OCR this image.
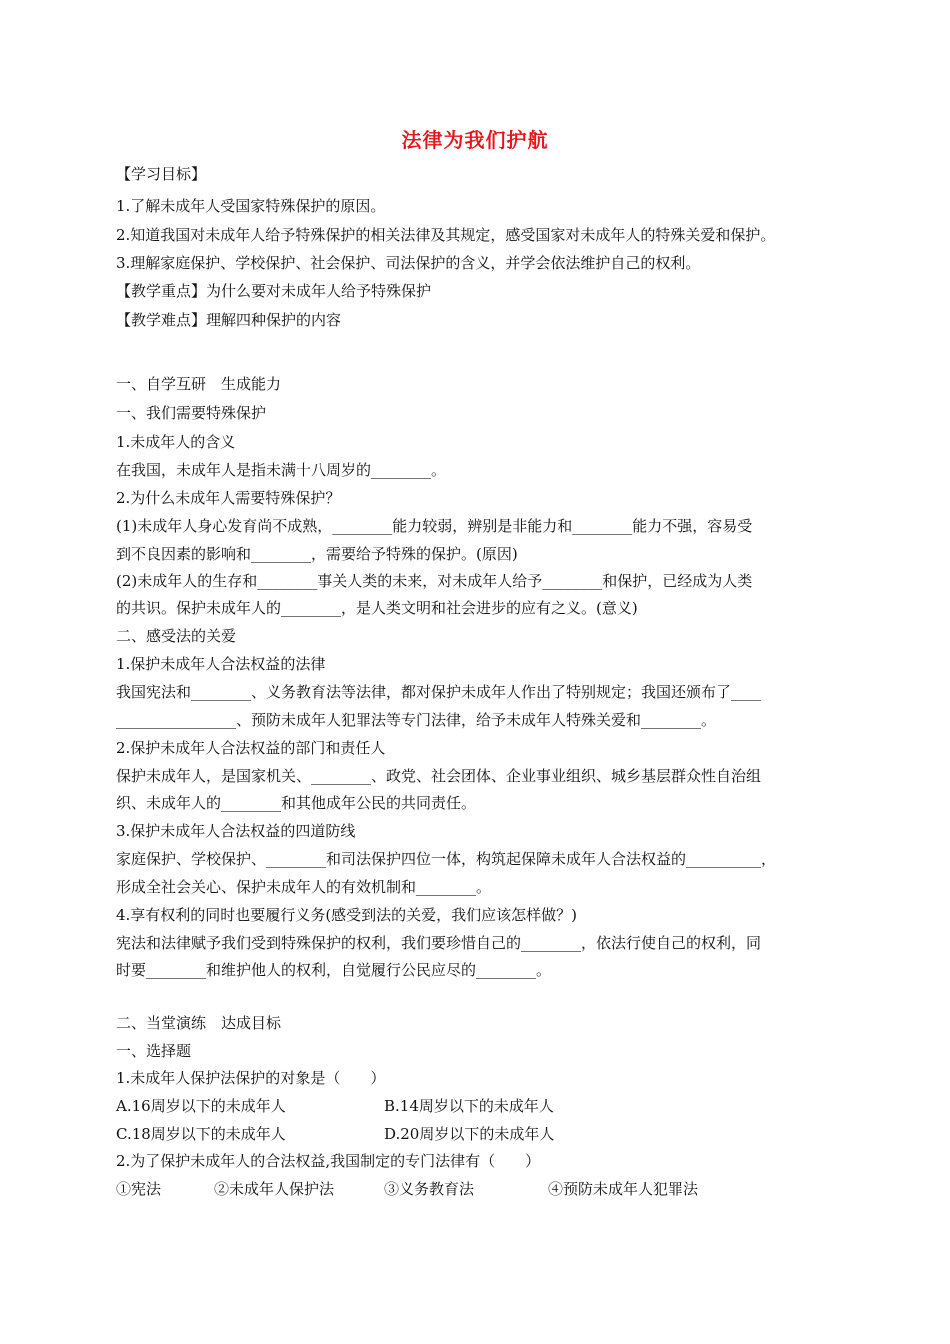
法律为我们护航
【学习目标】
1.了解未成年人受国家特殊保护的原因。
2.知道我国对未成年人给予特殊保护的相关法律及其规定，感受国家对未成年人的特殊关爱和保护。
3.理解家庭保护、学校保护、社会保护、司法保护的含义，并学会依法维护自己的权利。
【教学重点】为什么要对未成年人给予特殊保护
【教学难点】理解四种保护的内容
一、自学互研　生成能力
一、我们需要特殊保护
1.未成年人的含义
在我国，未成年人是指未满十八周岁的________。
2.为什么未成年人需要特殊保护？
(1)未成年人身心发育尚不成熟，________能力较弱，辨别是非能力和________能力不强，容易受
到不良因素的影响和________，需要给予特殊的保护。(原因)
(2)未成年人的生存和________事关人类的未来，对未成年人给予________和保护，已经成为人类
的共识。保护未成年人的________，是人类文明和社会进步的应有之义。(意义)
二、感受法的关爱
1.保护未成年人合法权益的法律
我国宪法和________、义务教育法等法律，都对保护未成年人作出了特别规定；我国还颁布了____
________________、预防未成年人犯罪法等专门法律，给予未成年人特殊关爱和________。
2.保护未成年人合法权益的部门和责任人
保护未成年人，是国家机关、________、政党、社会团体、企业事业组织、城乡基层群众性自治组
织、未成年人的________和其他成年公民的共同责任。
3.保护未成年人合法权益的四道防线
家庭保护、学校保护、________和司法保护四位一体，构筑起保障未成年人合法权益的__________，
形成全社会关心、保护未成年人的有效机制和________。
4.享有权利的同时也要履行义务(感受到法的关爱，我们应该怎样做？)
宪法和法律赋予我们受到特殊保护的权利，我们要珍惜自己的________，依法行使自己的权利，同
时要________和维护他人的权利，自觉履行公民应尽的________。
二、当堂演练　达成目标
一、选择题
1.未成年人保护法保护的对象是（　　）
A.16周岁以下的未成年人	B.14周岁以下的未成年人
C.18周岁以下的未成年人	D.20周岁以下的未成年人
2.为了保护未成年人的合法权益,我国制定的专门法律有（　　）
①宪法	②未成年人保护法	③义务教育法	④预防未成年人犯罪法
